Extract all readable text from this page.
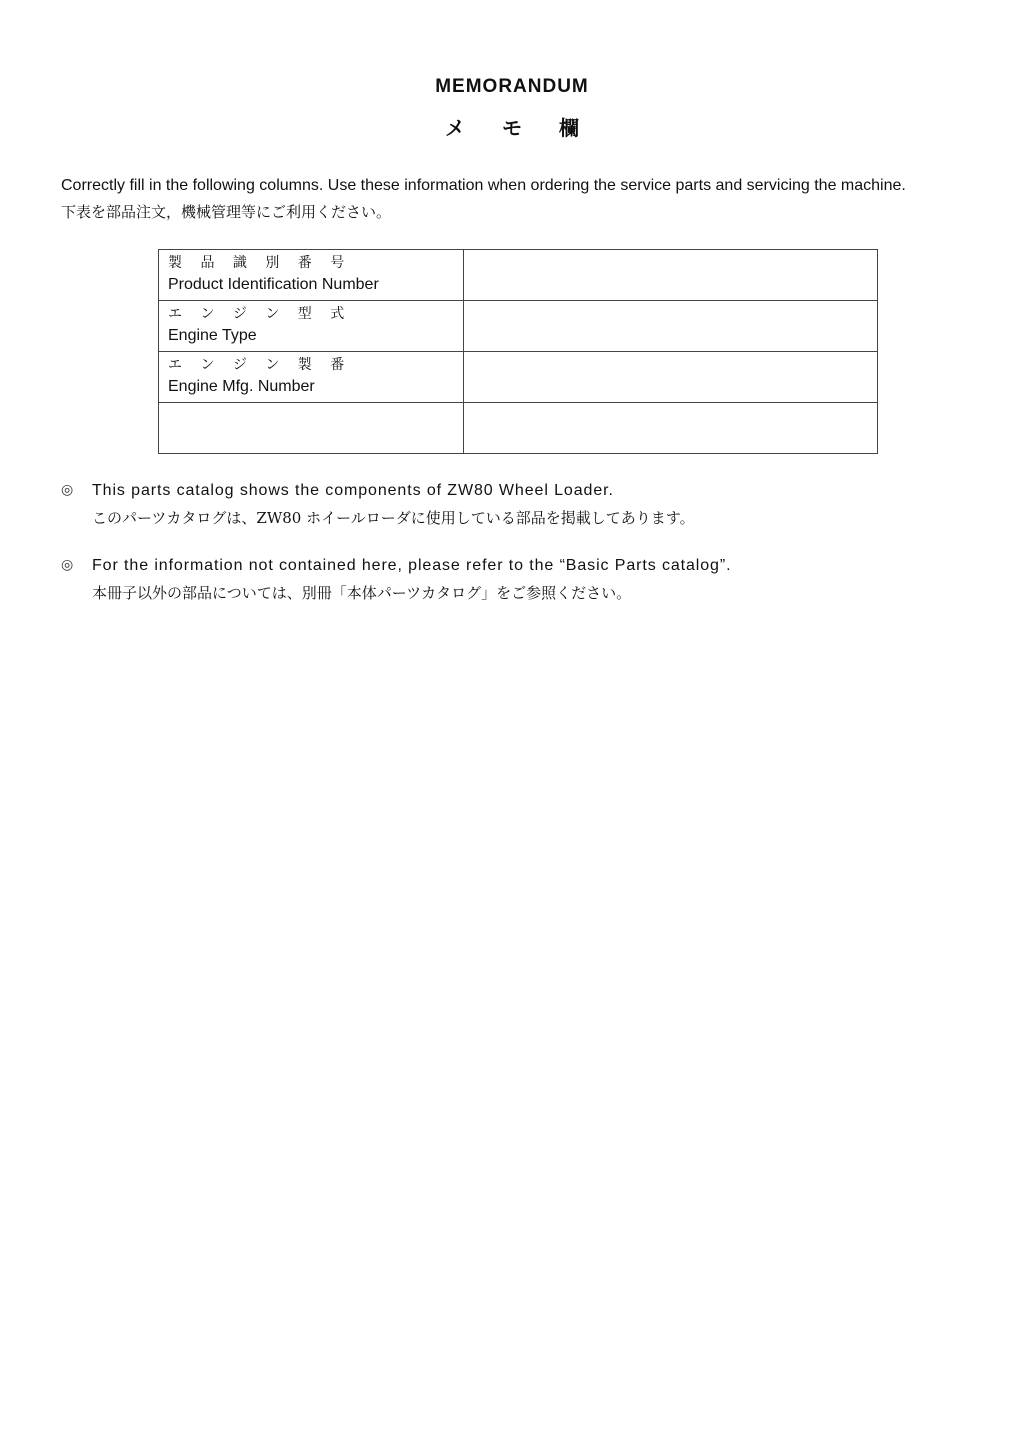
MEMORANDUM
メ モ 欄
Correctly fill in the following columns. Use these information when ordering the service parts and servicing the machine.
下表を部品注文，機械管理等にご利用ください。
製 品 識 別 番 号
Product Identification Number	

エ ン ジ ン 型 式
Engine Type	

エ ン ジ ン 製 番
Engine Mfg. Number	

◎ This parts catalog shows the components of ZW80 Wheel Loader.
このパーツカタログは、ZW80 ホイールローダに使用している部品を掲載してあります。
◎ For the information not contained here, please refer to the “Basic Parts catalog”.
本冊子以外の部品については、別冊「本体パーツカタログ」をご参照ください。
